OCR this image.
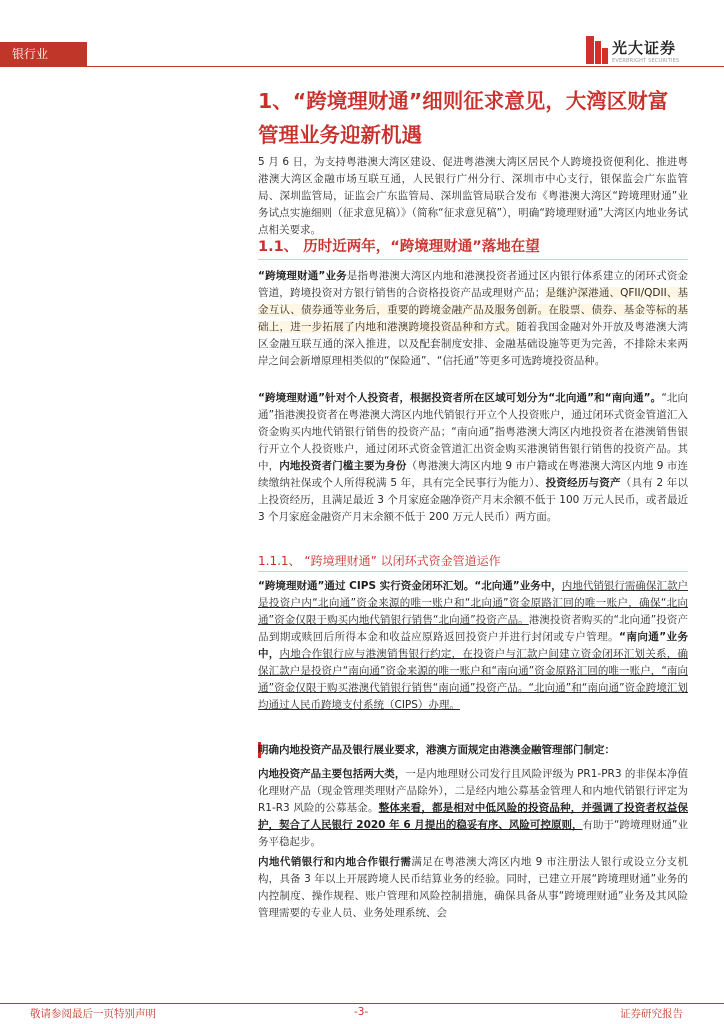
银行业	光大证券
EVERBRIGHT SECURITIES
1、“跨境理财通”细则征求意见，大湾区财富管理业务迎新机遇
5 月 6 日，为支持粤港澳大湾区建设、促进粤港澳大湾区居民个人跨境投资便利化、推进粤港澳大湾区金融市场互联互通，人民银行广州分行、深圳市中心支行，银保监会广东监管局、深圳监管局，证监会广东监管局、深圳监管局联合发布《粤港澳大湾区“跨境理财通”业务试点实施细则（征求意见稿）》（简称“征求意见稿”），明确“跨境理财通”大湾区内地业务试点相关要求。
1.1、 历时近两年，“跨境理财通”落地在望
“跨境理财通”业务是指粤港澳大湾区内地和港澳投资者通过区内银行体系建立的闭环式资金管道，跨境投资对方银行销售的合资格投资产品或理财产品；是继沪深港通、QFII/QDII、基金互认、债券通等业务后，重要的跨境金融产品及服务创新。在股票、债券、基金等标的基础上，进一步拓展了内地和港澳跨境投资品种和方式。随着我国金融对外开放及粤港澳大湾区金融互联互通的深入推进，以及配套制度安排、金融基础设施等更为完善，不排除未来两岸之间会新增原理相类似的“保险通”、“信托通”等更多可选跨境投资品种。
“跨境理财通”针对个人投资者，根据投资者所在区域可划分为“北向通”和“南向通”。“北向通”指港澳投资者在粤港澳大湾区内地代销银行开立个人投资账户，通过闭环式资金管道汇入资金购买内地代销银行销售的投资产品；“南向通”指粤港澳大湾区内地投资者在港澳销售银行开立个人投资账户，通过闭环式资金管道汇出资金购买港澳销售银行销售的投资产品。其中，内地投资者门槛主要为身份（粤港澳大湾区内地 9 市户籍或在粤港澳大湾区内地 9 市连续缴纳社保或个人所得税满 5 年，具有完全民事行为能力）、投资经历与资产（具有 2 年以上投资经历，且满足最近 3 个月家庭金融净资产月末余额不低于 100 万元人民币，或者最近 3 个月家庭金融资产月末余额不低于 200 万元人民币）两方面。
1.1.1、 “跨境理财通” 以闭环式资金管道运作
“跨境理财通”通过 CIPS 实行资金闭环汇划。“北向通”业务中，内地代销银行需确保汇款户是投资户内“北向通”资金来源的唯一账户和“北向通”资金原路汇回的唯一账户，确保“北向通”资金仅限于购买内地代销银行销售“北向通”投资产品。港澳投资者购买的“北向通”投资产品到期或赎回后所得本金和收益应原路返回投资户并进行封闭或专户管理。“南向通”业务中，内地合作银行应与港澳销售银行约定，在投资户与汇款户间建立资金闭环汇划关系，确保汇款户是投资户“南向通”资金来源的唯一账户和“南向通”资金原路汇回的唯一账户，“南向通”资金仅限于购买港澳代销银行销售“南向通”投资产品。“北向通”和“南向通”资金跨境汇划均通过人民币跨境支付系统（CIPS）办理。
明确内地投资产品及银行展业要求，港澳方面规定由港澳金融管理部门制定：
内地投资产品主要包括两大类，一是内地理财公司发行且风险评级为 PR1-PR3 的非保本净值化理财产品（现金管理类理财产品除外），二是经内地公募基金管理人和内地代销银行评定为 R1-R3 风险的公募基金。整体来看，都是相对中低风险的投资品种，并强调了投资者权益保护，契合了人民银行 2020 年 6 月提出的稳妥有序、风险可控原则，有助于“跨境理财通”业务平稳起步。
内地代销银行和内地合作银行需满足在粤港澳大湾区内地 9 市注册法人银行或设立分支机构，具备 3 年以上开展跨境人民币结算业务的经验。同时，已建立开展“跨境理财通”业务的内控制度、操作规程、账户管理和风险控制措施，确保具备从事“跨境理财通”业务及其风险管理需要的专业人员、业务处理系统、会
敬请参阅最后一页特别声明	-3-	证券研究报告
